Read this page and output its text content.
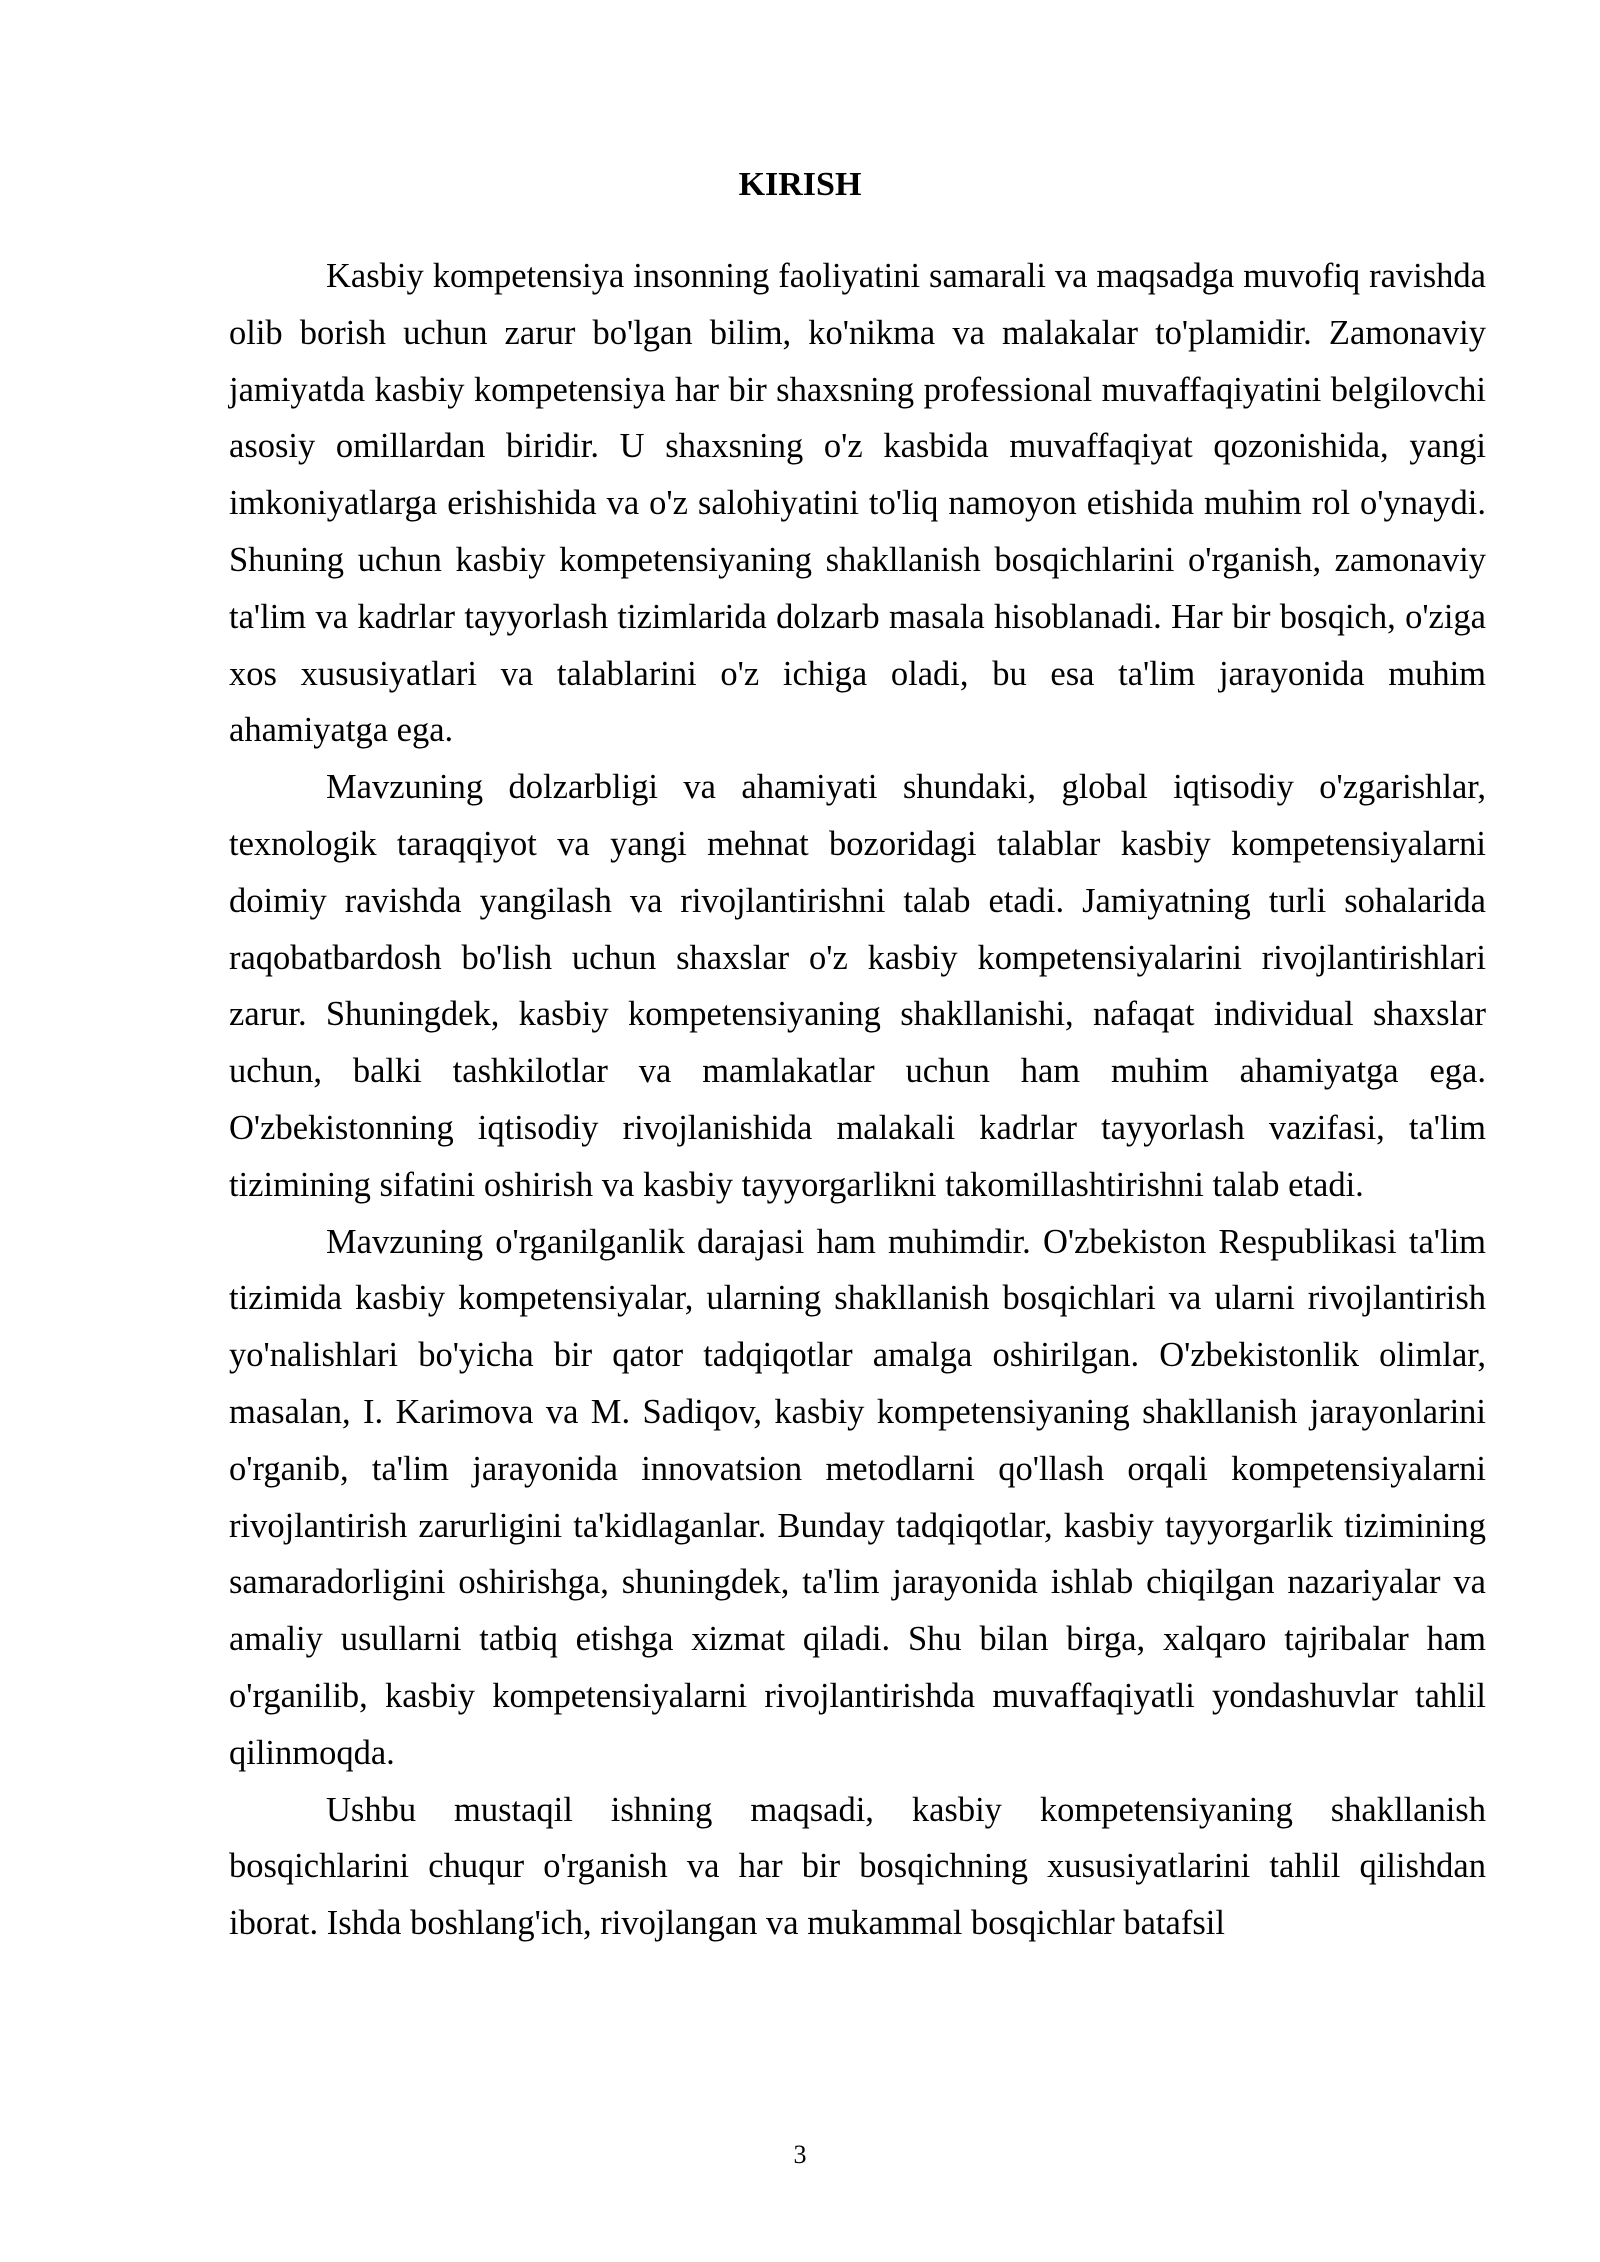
KIRISH

Kasbiy kompetensiya insonning faoliyatini samarali va maqsadga muvofiq ravishda olib borish uchun zarur bo'lgan bilim, ko'nikma va malakalar to'plamidir. Zamonaviy jamiyatda kasbiy kompetensiya har bir shaxsning professional muvaffaqiyatini belgilovchi asosiy omillardan biridir. U shaxsning o'z kasbida muvaffaqiyat qozonishida, yangi imkoniyatlarga erishishida va o'z salohiyatini to'liq namoyon etishida muhim rol o'ynaydi. Shuning uchun kasbiy kompetensiyaning shakllanish bosqichlarini o'rganish, zamonaviy ta'lim va kadrlar tayyorlash tizimlarida dolzarb masala hisoblanadi. Har bir bosqich, o'ziga xos xususiyatlari va talablarini o'z ichiga oladi, bu esa ta'lim jarayonida muhim ahamiyatga ega.

Mavzuning dolzarbligi va ahamiyati shundaki, global iqtisodiy o'zgarishlar, texnologik taraqqiyot va yangi mehnat bozoridagi talablar kasbiy kompetensiyalarni doimiy ravishda yangilash va rivojlantirishni talab etadi. Jamiyatning turli sohalarida raqobatbardosh bo'lish uchun shaxslar o'z kasbiy kompetensiyalarini rivojlantirishlari zarur. Shuningdek, kasbiy kompetensiyaning shakllanishi, nafaqat individual shaxslar uchun, balki tashkilotlar va mamlakatlar uchun ham muhim ahamiyatga ega. O'zbekistonning iqtisodiy rivojlanishida malakali kadrlar tayyorlash vazifasi, ta'lim tizimining sifatini oshirish va kasbiy tayyorgarlikni takomillashtirishni talab etadi.

Mavzuning o'rganilganlik darajasi ham muhimdir. O'zbekiston Respublikasi ta'lim tizimida kasbiy kompetensiyalar, ularning shakllanish bosqichlari va ularni rivojlantirish yo'nalishlari bo'yicha bir qator tadqiqotlar amalga oshirilgan. O'zbekistonlik olimlar, masalan, I. Karimova va M. Sadiqov, kasbiy kompetensiyaning shakllanish jarayonlarini o'rganib, ta'lim jarayonida innovatsion metodlarni qo'llash orqali kompetensiyalarni rivojlantirish zarurligini ta'kidlaganlar. Bunday tadqiqotlar, kasbiy tayyorgarlik tizimining samaradorligini oshirishga, shuningdek, ta'lim jarayonida ishlab chiqilgan nazariyalar va amaliy usullarni tatbiq etishga xizmat qiladi. Shu bilan birga, xalqaro tajribalar ham o'rganilib, kasbiy kompetensiyalarni rivojlantirishda muvaffaqiyatli yondashuvlar tahlil qilinmoqda.

Ushbu mustaqil ishning maqsadi, kasbiy kompetensiyaning shakllanish bosqichlarini chuqur o'rganish va har bir bosqichning xususiyatlarini tahlil qilishdan iborat. Ishda boshlang'ich, rivojlangan va mukammal bosqichlar batafsil

3
